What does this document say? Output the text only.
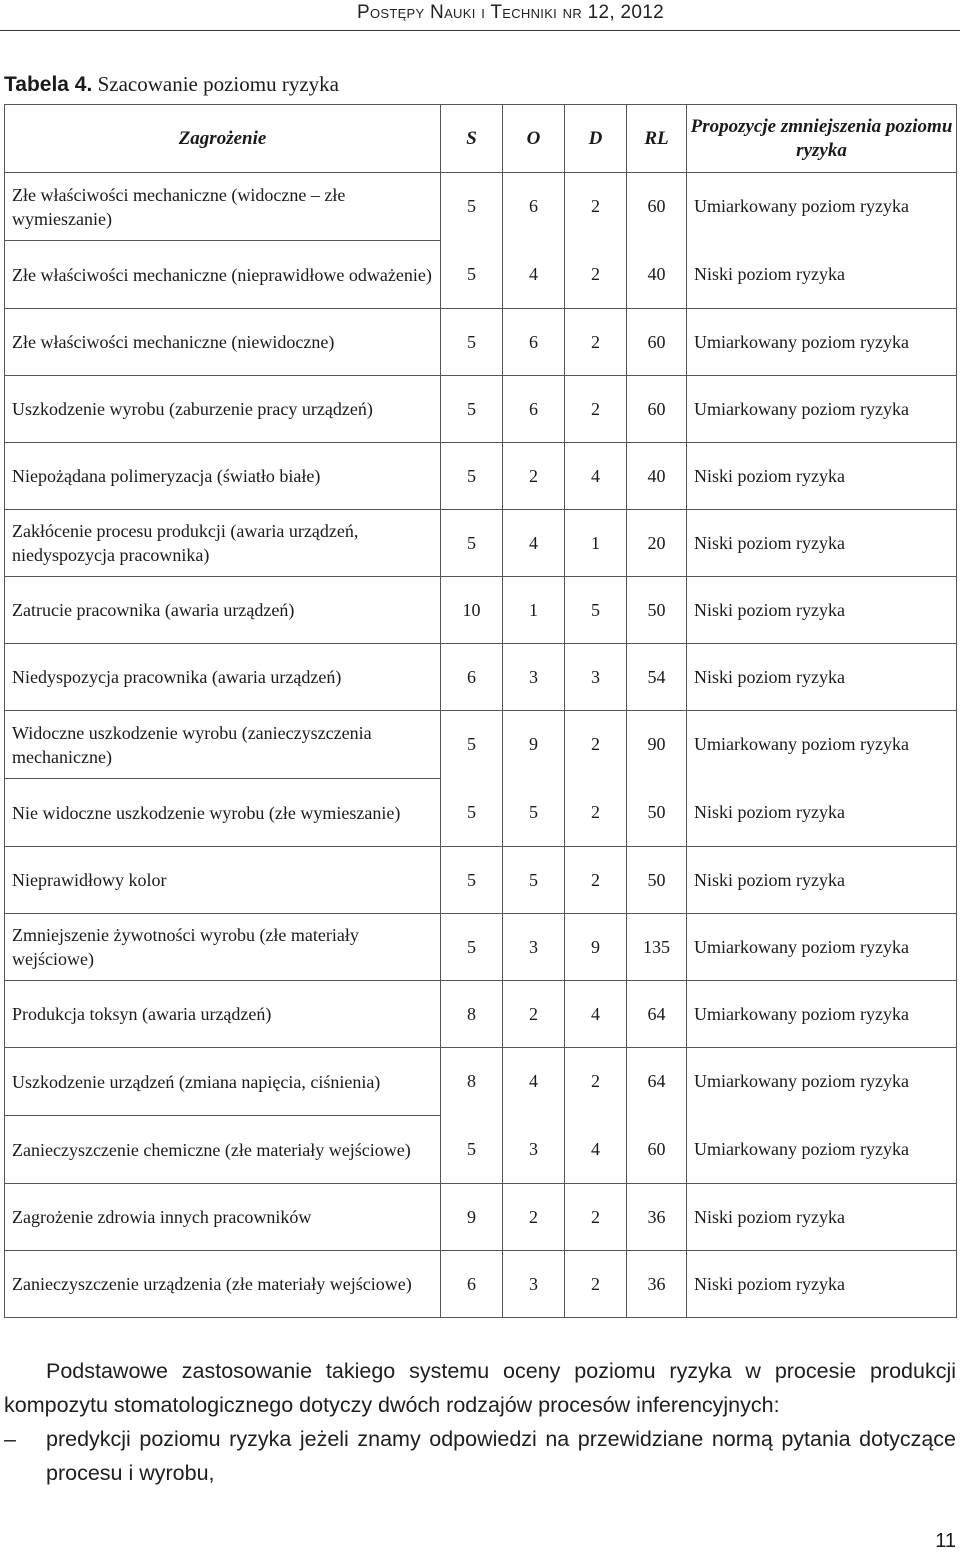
Postępy Nauki i Techniki nr 12, 2012
Tabela 4. Szacowanie poziomu ryzyka
Zagrożenie	S	O	D	RL	Propozycje zmniejszenia poziomu ryzyka
Złe właściwości mechaniczne (widoczne – złe wymieszanie)	5	6	2	60	Umiarkowany poziom ryzyka
Złe właściwości mechaniczne (nieprawidłowe odważenie)	5	4	2	40	Niski poziom ryzyka
Złe właściwości mechaniczne (niewidoczne)	5	6	2	60	Umiarkowany poziom ryzyka
Uszkodzenie wyrobu (zaburzenie pracy urządzeń)	5	6	2	60	Umiarkowany poziom ryzyka
Niepożądana polimeryzacja (światło białe)	5	2	4	40	Niski poziom ryzyka
Zakłócenie procesu produkcji (awaria urządzeń, niedyspozycja pracownika)	5	4	1	20	Niski poziom ryzyka
Zatrucie pracownika (awaria urządzeń)	10	1	5	50	Niski poziom ryzyka
Niedyspozycja pracownika (awaria urządzeń)	6	3	3	54	Niski poziom ryzyka
Widoczne uszkodzenie wyrobu (zanieczyszczenia mechaniczne)	5	9	2	90	Umiarkowany poziom ryzyka
Nie widoczne uszkodzenie wyrobu (złe wymieszanie)	5	5	2	50	Niski poziom ryzyka
Nieprawidłowy kolor	5	5	2	50	Niski poziom ryzyka
Zmniejszenie żywotności wyrobu (złe materiały wejściowe)	5	3	9	135	Umiarkowany poziom ryzyka
Produkcja toksyn (awaria urządzeń)	8	2	4	64	Umiarkowany poziom ryzyka
Uszkodzenie urządzeń (zmiana napięcia, ciśnienia)	8	4	2	64	Umiarkowany poziom ryzyka
Zanieczyszczenie chemiczne (złe materiały wejściowe)	5	3	4	60	Umiarkowany poziom ryzyka
Zagrożenie zdrowia innych pracowników	9	2	2	36	Niski poziom ryzyka
Zanieczyszczenie urządzenia (złe materiały wejściowe)	6	3	2	36	Niski poziom ryzyka

Podstawowe zastosowanie takiego systemu oceny poziomu ryzyka w procesie produkcji kompozytu stomatologicznego dotyczy dwóch rodzajów procesów inferencyjnych:

–	predykcji poziomu ryzyka jeżeli znamy odpowiedzi na przewidziane normą pytania dotyczące procesu i wyrobu,
11
